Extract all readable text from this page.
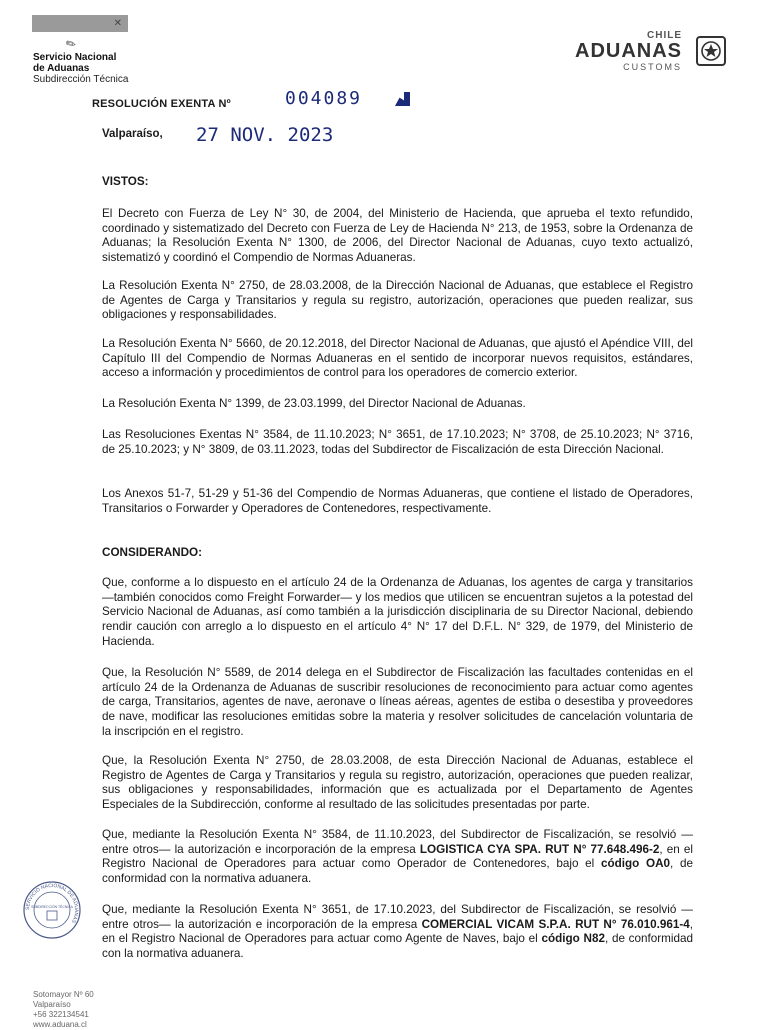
✕
✎
Servicio Nacional
de Aduanas
Subdirección Técnica
CHILE
ADUANAS
CUSTOMS
RESOLUCIÓN EXENTA Nº	004089
Valparaíso, 27 NOV. 2023
VISTOS:

El Decreto con Fuerza de Ley N° 30, de 2004, del Ministerio de Hacienda, que aprueba el texto refundido, coordinado y sistematizado del Decreto con Fuerza de Ley de Hacienda N° 213, de 1953, sobre la Ordenanza de Aduanas; la Resolución Exenta N° 1300, de 2006, del Director Nacional de Aduanas, cuyo texto actualizó, sistematizó y coordinó el Compendio de Normas Aduaneras.

La Resolución Exenta N° 2750, de 28.03.2008, de la Dirección Nacional de Aduanas, que establece el Registro de Agentes de Carga y Transitarios y regula su registro, autorización, operaciones que pueden realizar, sus obligaciones y responsabilidades.

La Resolución Exenta N° 5660, de 20.12.2018, del Director Nacional de Aduanas, que ajustó el Apéndice VIII, del Capítulo III del Compendio de Normas Aduaneras en el sentido de incorporar nuevos requisitos, estándares, acceso a información y procedimientos de control para los operadores de comercio exterior.

La Resolución Exenta N° 1399, de 23.03.1999, del Director Nacional de Aduanas.

Las Resoluciones Exentas N° 3584, de 11.10.2023; N° 3651, de 17.10.2023; N° 3708, de 25.10.2023; N° 3716, de 25.10.2023; y N° 3809, de 03.11.2023, todas del Subdirector de Fiscalización de esta Dirección Nacional.

Los Anexos 51-7, 51-29 y 51-36 del Compendio de Normas Aduaneras, que contiene el listado de Operadores, Transitarios o Forwarder y Operadores de Contenedores, respectivamente.

CONSIDERANDO:

Que, conforme a lo dispuesto en el artículo 24 de la Ordenanza de Aduanas, los agentes de carga y transitarios —también conocidos como Freight Forwarder— y los medios que utilicen se encuentran sujetos a la potestad del Servicio Nacional de Aduanas, así como también a la jurisdicción disciplinaria de su Director Nacional, debiendo rendir caución con arreglo a lo dispuesto en el artículo 4° N° 17 del D.F.L. N° 329, de 1979, del Ministerio de Hacienda.

Que, la Resolución N° 5589, de 2014 delega en el Subdirector de Fiscalización las facultades contenidas en el artículo 24 de la Ordenanza de Aduanas de suscribir resoluciones de reconocimiento para actuar como agentes de carga, Transitarios, agentes de nave, aeronave o líneas aéreas, agentes de estiba o desestiba y proveedores de nave, modificar las resoluciones emitidas sobre la materia y resolver solicitudes de cancelación voluntaria de la inscripción en el registro.

Que, la Resolución Exenta N° 2750, de 28.03.2008, de esta Dirección Nacional de Aduanas, establece el Registro de Agentes de Carga y Transitarios y regula su registro, autorización, operaciones que pueden realizar, sus obligaciones y responsabilidades, información que es actualizada por el Departamento de Agentes Especiales de la Subdirección, conforme al resultado de las solicitudes presentadas por parte.

Que, mediante la Resolución Exenta N° 3584, de 11.10.2023, del Subdirector de Fiscalización, se resolvió —entre otros— la autorización e incorporación de la empresa LOGISTICA CYA SPA. RUT N° 77.648.496-2, en el Registro Nacional de Operadores para actuar como Operador de Contenedores, bajo el código OA0, de conformidad con la normativa aduanera.

Que, mediante la Resolución Exenta N° 3651, de 17.10.2023, del Subdirector de Fiscalización, se resolvió —entre otros— la autorización e incorporación de la empresa COMERCIAL VICAM S.P.A. RUT N° 76.010.961-4, en el Registro Nacional de Operadores para actuar como Agente de Naves, bajo el código N82, de conformidad con la normativa aduanera.

SERVICIO NACIONAL DE ADUANAS
SUBDIRECCIÓN TÉCNICA
Sotomayor Nº 60
Valparaíso
+56 322134541
www.aduana.cl
